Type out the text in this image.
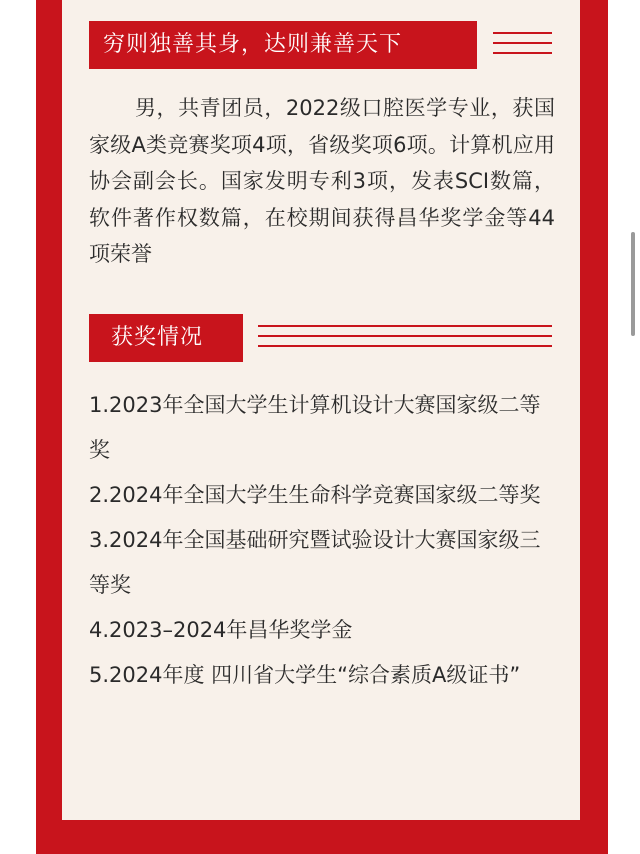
穷则独善其身，达则兼善天下

男，共青团员，2022级口腔医学专业，获国家级A类竞赛奖项4项，省级奖项6项。计算机应用协会副会长。国家发明专利3项，发表SCI数篇，软件著作权数篇，在校期间获得昌华奖学金等44项荣誉

获奖情况
1.2023年全国大学生计算机设计大赛国家级二等奖
2.2024年全国大学生生命科学竞赛国家级二等奖
3.2024年全国基础研究暨试验设计大赛国家级三等奖
4.2023–2024年昌华奖学金
5.2024年度 四川省大学生“综合素质A级证书”
